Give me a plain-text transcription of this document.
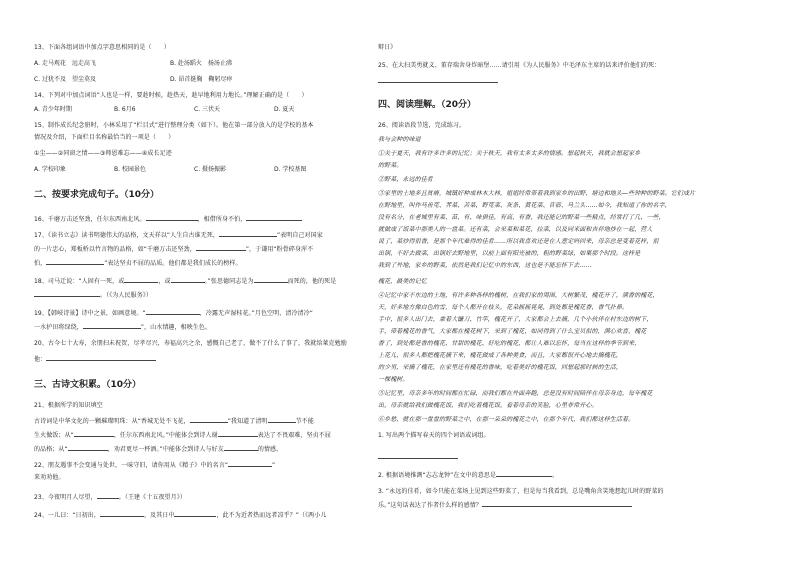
13、下面各组词语中加点字意思相同的是（　　）
A. 走马观花　远走高飞	B. 赴汤蹈火　扬汤止沸
C. 过犹不及　望尘莫及	D. 昂首挺胸　鞠躬尽瘁
14、下列对中加点词语“人也是一样，要趁时候，趁热天，趁早地利用力地长。”理解正确的是（　　）
A. 青少年时期	B. 6月6	C. 三伏天	D. 夏天
15、制作成长纪念册时，小林采用了“栏目式”进行整理分类（如下）。他在第一部分放入的是学校的基本
情况及介绍，下面栏目名称最恰当的一项是（　　）
①尘——②同窗之情——③师恩难忘——④成长足迹
A. 学校印象	B. 校园景色	C. 摄扬振影	D. 学校基图
二、按要求完成句子。（10分）
16、千磨万击还坚劲，任尔东西南北风。	，相借所身不怕，
17、《读书立志》读书明德伟大的品格，文天祥以“人生自古谁无死，	”表明自己对国家
的一片忠心，郑板桥以竹言物的品格，如“千磨万击还坚劲，	”，于谦用“粉骨碎身浑不
怕，	”表达坚贞不屈的品质。他们都是我们成长的榜样。
18、司马迁说：“人固有一死，或	，或	。”张思德同志是为	而死的，他的死是
。（《为人民服务》）
19、【韩岐诗景】诗中之景，如画意境。“	，冷露无声湿桂花。”月色空明，清冷清冷“
一水护田将绿绕，	”，山水情趣，相映生色。
20、古今七十大寿，余朋扫未祝贺，尽孝尽兴，寿福高兴之余，感慨自己老了，做不了什么了事了，我就给莱克勉励
他：
三、古诗文积累。（10分）
21、根据所学的知识填空
古诗词是中华文化的一颗璀璨明珠：从“香城无处不飞花，	”我知道了清明	节不能
生火做饭；从“	，任尔东西南北风。”中能体会到诗人谢	表达了不畏艰难、坚贞不屈
的品格；从“	，劝君更尽一杯酒。”中能体会到诗人与好友	的情感。
22、朋友遇事不会变通与处世，一味守旧，请你用从《精子》中的名言“	”
来劝劝他。
23、今夜明月人尽望，	。（王建《十五夜望月》）
24、一儿曰：“日初出，	，及其日中	，此不为近者热而远者凉乎？”（《两小儿
辩日》
25、在大扫美勇就义、董存瑞舍身炸暗堡……请引用《为人民服务》中毛泽东主席的话来评价他们的死：
四、阅读理解。（20分）
26、阅读语段节选，完成练习。
我与会种的味道
①关于夏天，我有许多许多的记忆；关于秋天，我有太多太多的情感。想起秋天，我就会想起家乡
的野菜。
②野菜，永远的佳肴
③家里的土地多且贫瘠，城镇好种成林木大林，姐姐经常带着我到家乡的田野、塘边和地头—些钟种的野菜。它们成片
在野地里，叫作马齿苋、荠菜、苦菜，野苋菜、灰条、黄花菜、苜蓿、马兰头……如今，我知道了你的名字，
没有名分，在老城里有菜、苗、有、味俱佳，有高，有香，我还能记的野菜一些精点，经常打了几、一些，
就做成了饭菜中那美人的一盘菜。还有菜，会采菜和菜花，拉菜，以及同米面和吉祥地炒在一起，营人
说了，菜炒得很香，是那个年代难得的佳肴……所以我喜欢还是在人意定吗回来，母亲总是变着花样，很
出锅，不好去做菜，出锅好去野地里，以前上面有阳光被的，粗的野菜绿，如果那个时段。这样是
我到了外地，家乡的野菜，依然是我们记忆中的东西，这也是不能忘怀下去……
槐花，最美的记忆
④记忆中家不东边的土地，有许多种各样的槐树，在我们家的周围，大树繁茂，槐花开了，满香的槐花，
天，好多地方像白色的雪，每个人都开在枝头，花朵摇摇晃晃，到处都是槐花香，香气扑鼻。
手中，很多人出门去，拿着大镰刀、竹竿，槐花开了，大家都会上去摘，几个小伙伴在村东边的树下，
手，带着槐花的香气，大家都在槐花树下，采到了槐花，如同得到了什么宝贝似的，满心欢喜，槐花
香了，到处都是香的槐花、甘甜的槐花、好吃的槐花，都让人难以忘怀，每当在这样的季节到来，
上花儿，很多人都把槐花摘下来，槐花做成了各种美食，而且，大家都很开心地去摘槐花，
的少男，采摘了槐花，在家里还有槐花的香味，吃着美好的槐花饭，回想起那时候的生活，
一棵槐树。
⑤记忆里，母亲多年的时间都在忙碌，而我们都在外面奔跑，总是没有时间陪伴在母亲身边，每年槐花
出，母亲就给我们做槐花饭，我们吃着槐花饭，看着母亲的笑脸，心里非常开心。
⑥乡愁，就在那一盘盘的野菜之中，在那一朵朵的槐花之中，在那个年代，我们都这样生活着。
1. 写出两个描写春天的四个词语或词组。
2. 根据语境推测“志志龙钟”在文中的意思是	。
3. “永远的佳肴，如今只能在菜场上见到这些野菜了，但是每当我看到，总是嘴角含笑地想起儿时的野菜的
乐。”这句话表达了作者什么样的感情？
